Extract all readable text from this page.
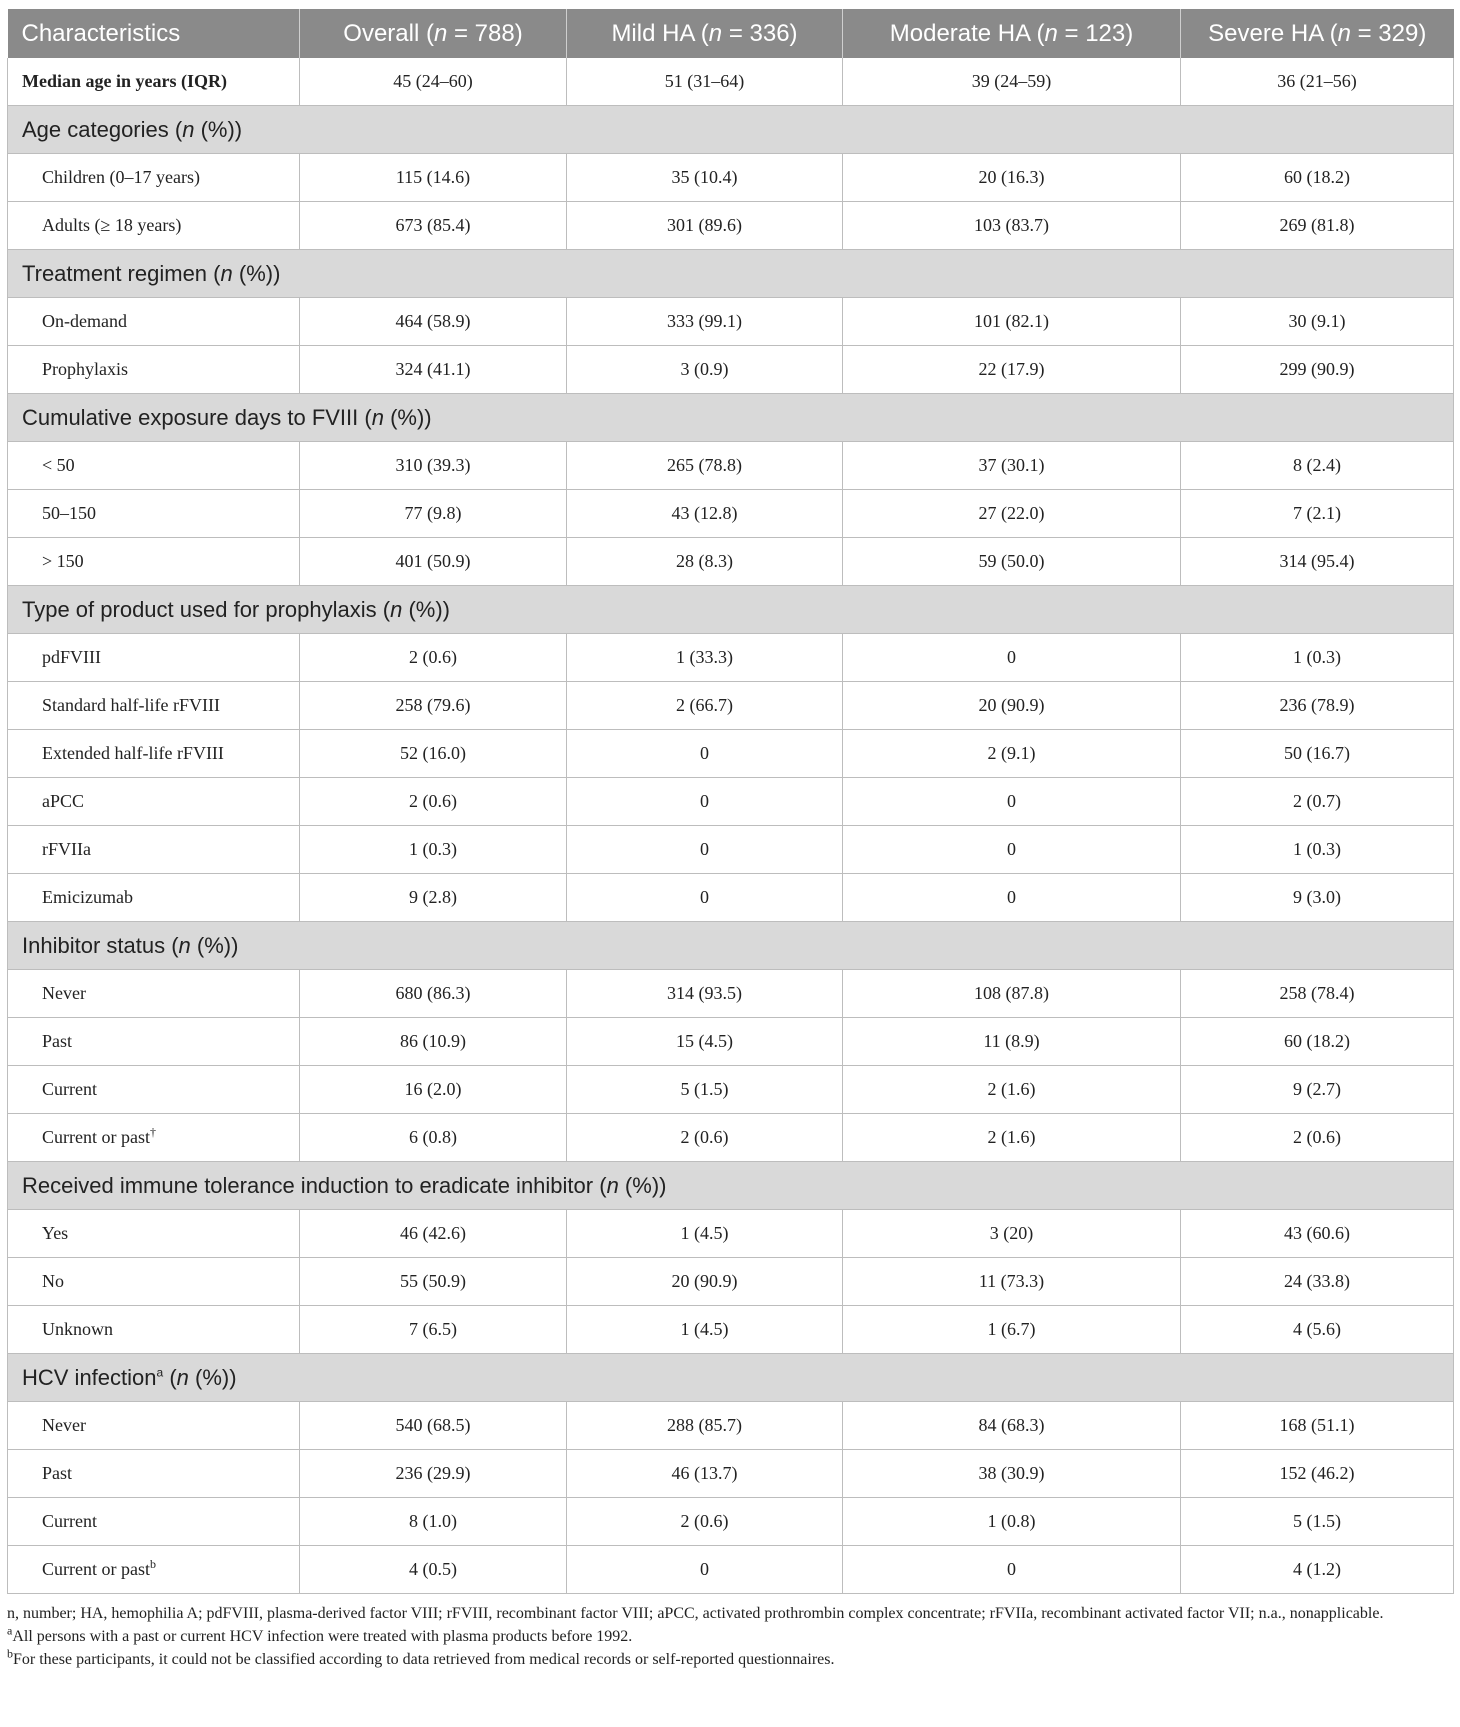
Characteristics	Overall (n = 788)	Mild HA (n = 336)	Moderate HA (n = 123)	Severe HA (n = 329)
Median age in years (IQR)	45 (24–60)	51 (31–64)	39 (24–59)	36 (21–56)
Age categories (n (%))				
Children (0–17 years)	115 (14.6)	35 (10.4)	20 (16.3)	60 (18.2)
Adults (≥ 18 years)	673 (85.4)	301 (89.6)	103 (83.7)	269 (81.8)
Treatment regimen (n (%))				
On-demand	464 (58.9)	333 (99.1)	101 (82.1)	30 (9.1)
Prophylaxis	324 (41.1)	3 (0.9)	22 (17.9)	299 (90.9)
Cumulative exposure days to FVIII (n (%))				
< 50	310 (39.3)	265 (78.8)	37 (30.1)	8 (2.4)
50–150	77 (9.8)	43 (12.8)	27 (22.0)	7 (2.1)
> 150	401 (50.9)	28 (8.3)	59 (50.0)	314 (95.4)
Type of product used for prophylaxis (n (%))				
pdFVIII	2 (0.6)	1 (33.3)	0	1 (0.3)
Standard half-life rFVIII	258 (79.6)	2 (66.7)	20 (90.9)	236 (78.9)
Extended half-life rFVIII	52 (16.0)	0	2 (9.1)	50 (16.7)
aPCC	2 (0.6)	0	0	2 (0.7)
rFVIIa	1 (0.3)	0	0	1 (0.3)
Emicizumab	9 (2.8)	0	0	9 (3.0)
Inhibitor status (n (%))				
Never	680 (86.3)	314 (93.5)	108 (87.8)	258 (78.4)
Past	86 (10.9)	15 (4.5)	11 (8.9)	60 (18.2)
Current	16 (2.0)	5 (1.5)	2 (1.6)	9 (2.7)
Current or past†	6 (0.8)	2 (0.6)	2 (1.6)	2 (0.6)
Received immune tolerance induction to eradicate inhibitor (n (%))				
Yes	46 (42.6)	1 (4.5)	3 (20)	43 (60.6)
No	55 (50.9)	20 (90.9)	11 (73.3)	24 (33.8)
Unknown	7 (6.5)	1 (4.5)	1 (6.7)	4 (5.6)
HCV infection$^a$ (n (%))				
Never	540 (68.5)	288 (85.7)	84 (68.3)	168 (51.1)
Past	236 (29.9)	46 (13.7)	38 (30.9)	152 (46.2)
Current	8 (1.0)	2 (0.6)	1 (0.8)	5 (1.5)
Current or past$^b$	4 (0.5)	0	0	4 (1.2)

n, number; HA, hemophilia A; pdFVIII, plasma-derived factor VIII; rFVIII, recombinant factor VIII; aPCC, activated prothrombin complex concentrate; rFVIIa, recombinant activated factor VII; n.a., nonapplicable.

$^a$All persons with a past or current HCV infection were treated with plasma products before 1992.

$^b$For these participants, it could not be classified according to data retrieved from medical records or self-reported questionnaires.
